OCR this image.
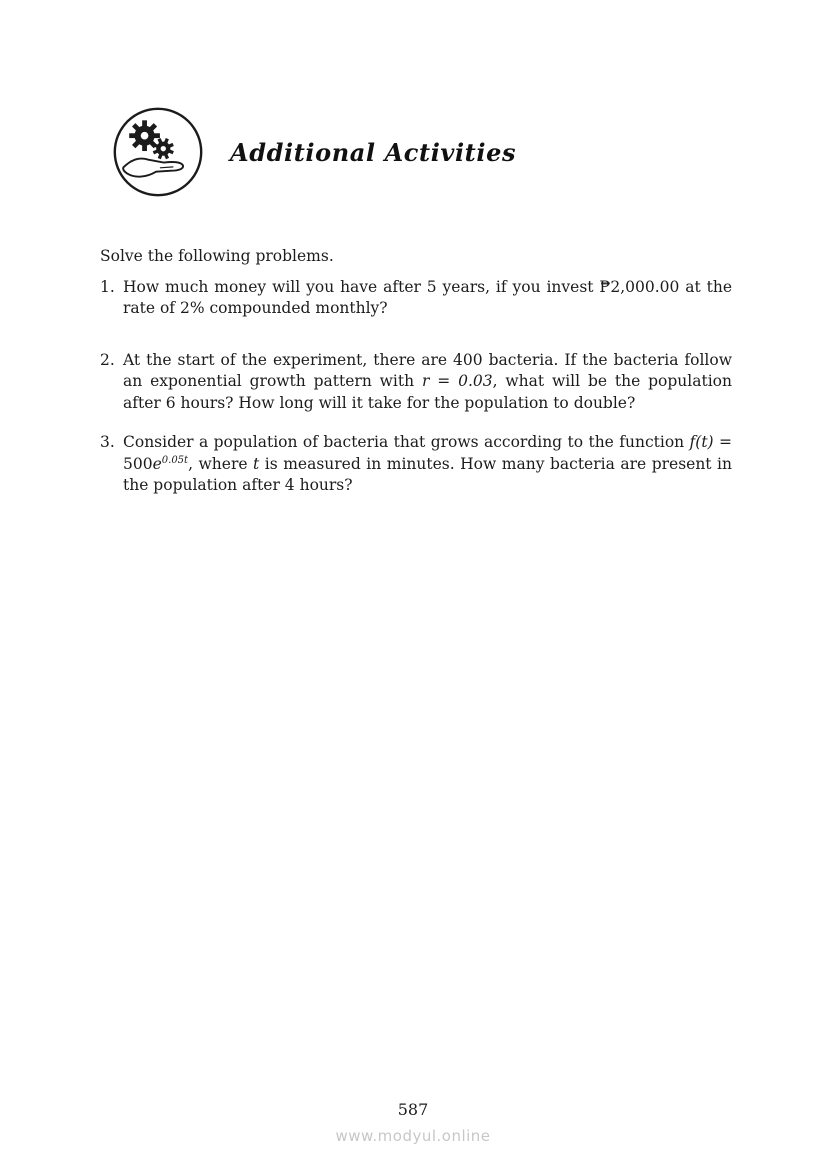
Additional Activities

Solve the following problems.

1. How much money will you have after 5 years, if you invest ₱2,000.00 at the rate of 2% compounded monthly?
2. At the start of the experiment, there are 400 bacteria. If the bacteria follow an exponential growth pattern with r = 0.03, what will be the population after 6 hours? How long will it take for the population to double?
3. Consider a population of bacteria that grows according to the function $f(t) = 500e^{0.05t}$, where t is measured in minutes. How many bacteria are present in the population after 4 hours?
587
www.modyul.online
